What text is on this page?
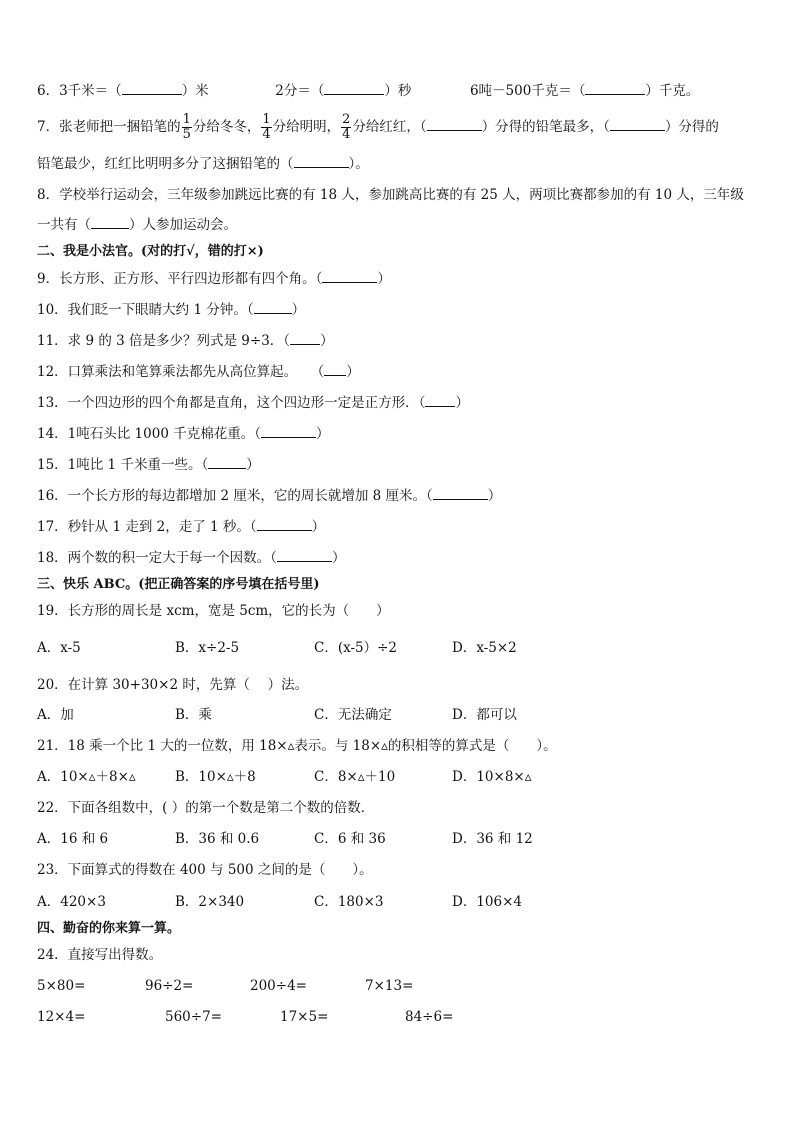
6．3千米＝（	）米	2分＝（	）秒	6吨－500千克＝（	）千克。
7．张老师把一捆铅笔的 $\frac{1}{5}$ 分给冬冬， $\frac{1}{4}$ 分给明明， $\frac{2}{4}$ 分给红红，（	）分得的铅笔最多，（	）分得的
铅笔最少，红红比明明多分了这捆铅笔的（	）。
8．学校举行运动会，三年级参加跳远比赛的有 18 人，参加跳高比赛的有 25 人，两项比赛都参加的有 10 人，三年级
一共有（	）人参加运动会。
二、我是小法官。(对的打√，错的打×)
9．长方形、正方形、平行四边形都有四个角。（	）
10．我们眨一下眼睛大约 1 分钟。（	）
11．求 9 的 3 倍是多少？列式是 9÷3．（ ）
12．口算乘法和笔算乘法都先从高位算起。　　（ ）
13．一个四边形的四个角都是直角，这个四边形一定是正方形．（ ）
14．1吨石头比 1000 千克棉花重。（	）
15．1吨比 1 千米重一些。（	）
16．一个长方形的每边都增加 2 厘米，它的周长就增加 8 厘米。（	）
17．秒针从 1 走到 2，走了 1 秒。（	）
18．两个数的积一定大于每一个因数。（	）
三、快乐 ABC。(把正确答案的序号填在括号里)
19．长方形的周长是 xcm，宽是 5cm，它的长为（　　）
A．x-5	B．x÷2-5	C．(x-5）÷2	D．x-5×2
20．在计算 30+30×2 时，先算（　 ）法。
A．加	B．乘	C．无法确定	D．都可以
21．18 乘一个比 1 大的一位数，用 18×▵表示。与 18×▵的积相等的算式是（　　）。
A．10×▵＋8×▵	B．10×▵＋8	C．8×▵＋10	D．10×8×▵
22．下面各组数中，( ）的第一个数是第二个数的倍数．
A．16 和 6	B．36 和 0.6	C．6 和 36	D．36 和 12
23．下面算式的得数在 400 与 500 之间的是（　　）。
A．420×3	B．2×340	C．180×3	D．106×4
四、勤奋的你来算一算。
24．直接写出得数。
5×80=	96÷2=	200÷4=	7×13=
12×4=	560÷7=	17×5=	84÷6=
